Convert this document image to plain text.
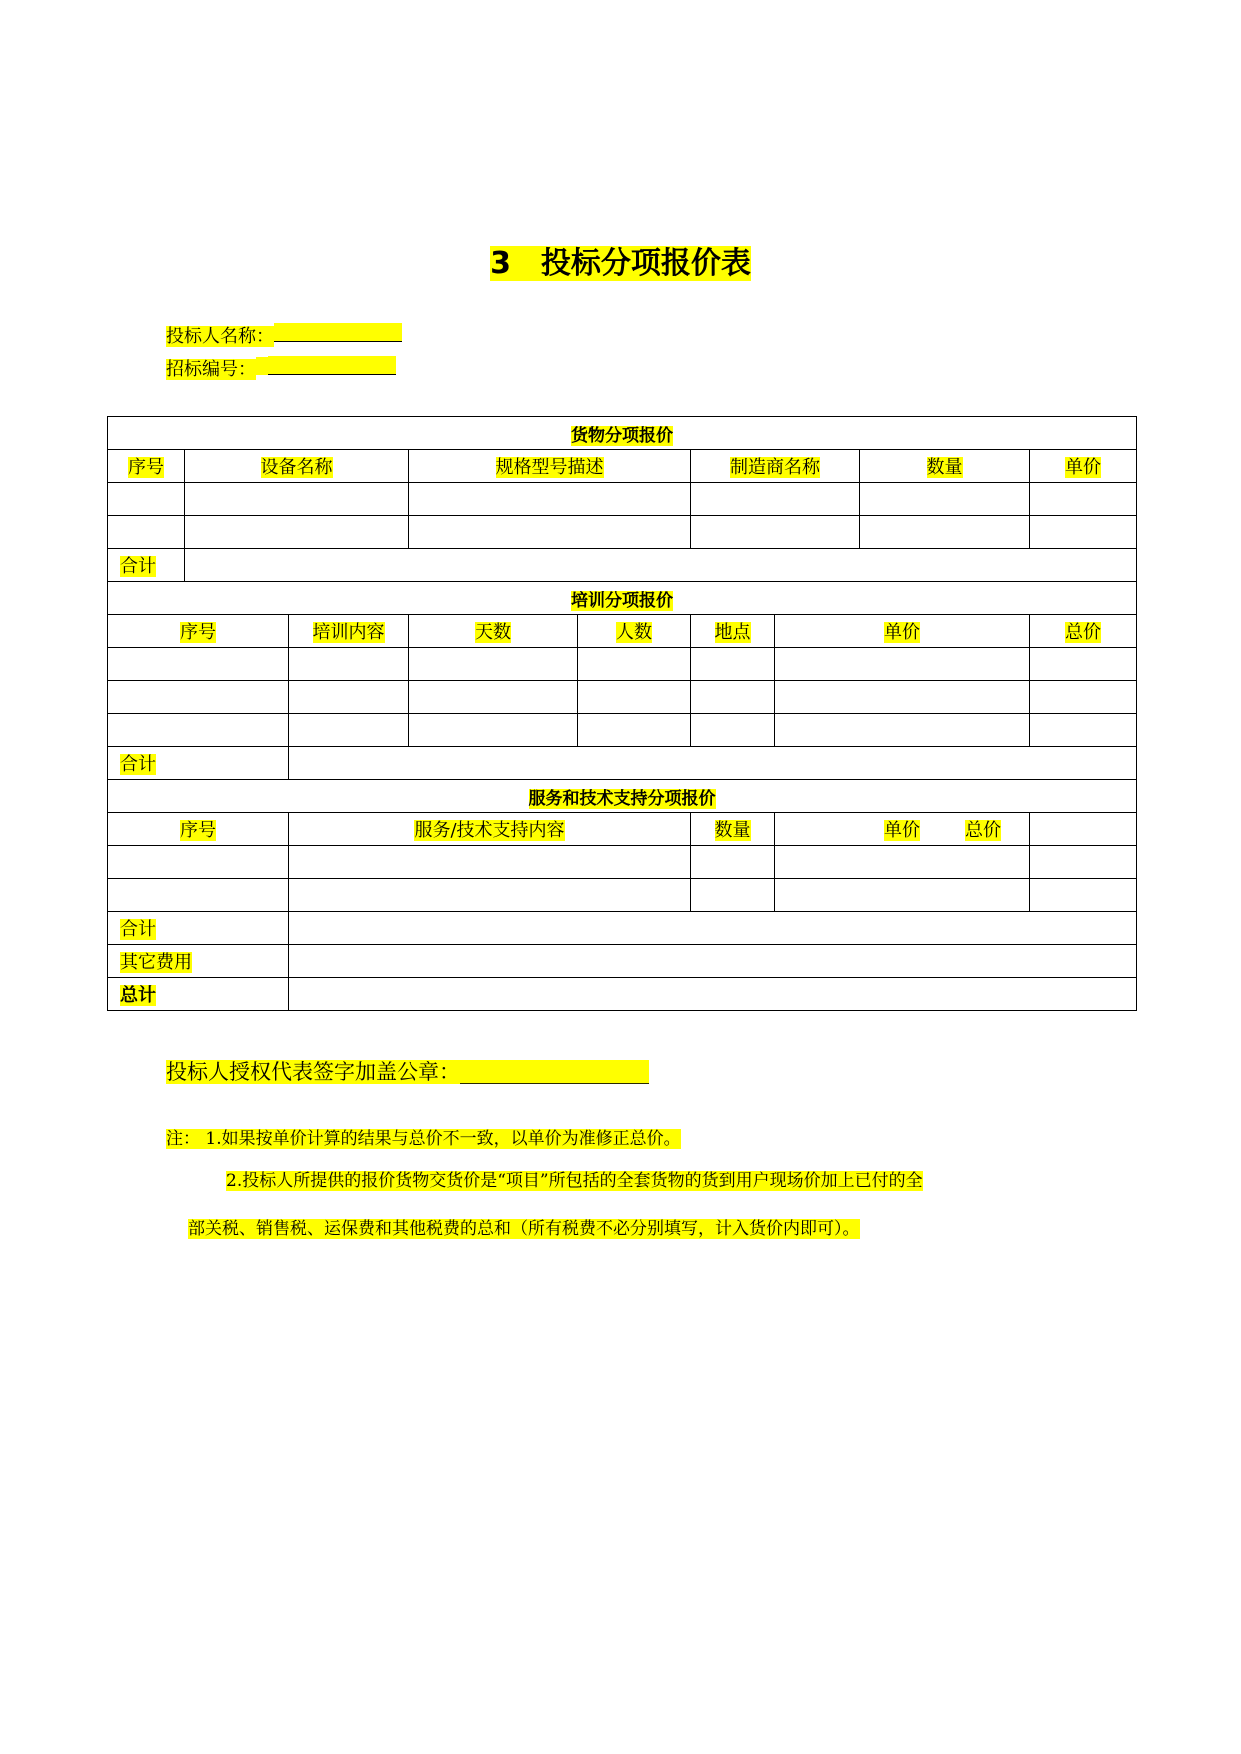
3　投标分项报价表
投标人名称：
招标编号：
货物分项报价									
序号	设备名称		规格型号描述		制造商名称		数量	单价	

合计									
培训分项报价									
序号		培训内容	天数	人数	地点	单价		总价	

合计									
服务和技术支持分项报价									
序号		服务/技术支持内容			数量	单价		总价	

合计									
其它费用									
总计									
投标人授权代表签字加盖公章：__________________
注： 1.如果按单价计算的结果与总价不一致，以单价为准修正总价。
2.投标人所提供的报价货物交货价是“项目”所包括的全套货物的货到用户现场价加上已付的全
部关税、销售税、运保费和其他税费的总和（所有税费不必分别填写，计入货价内即可）。
